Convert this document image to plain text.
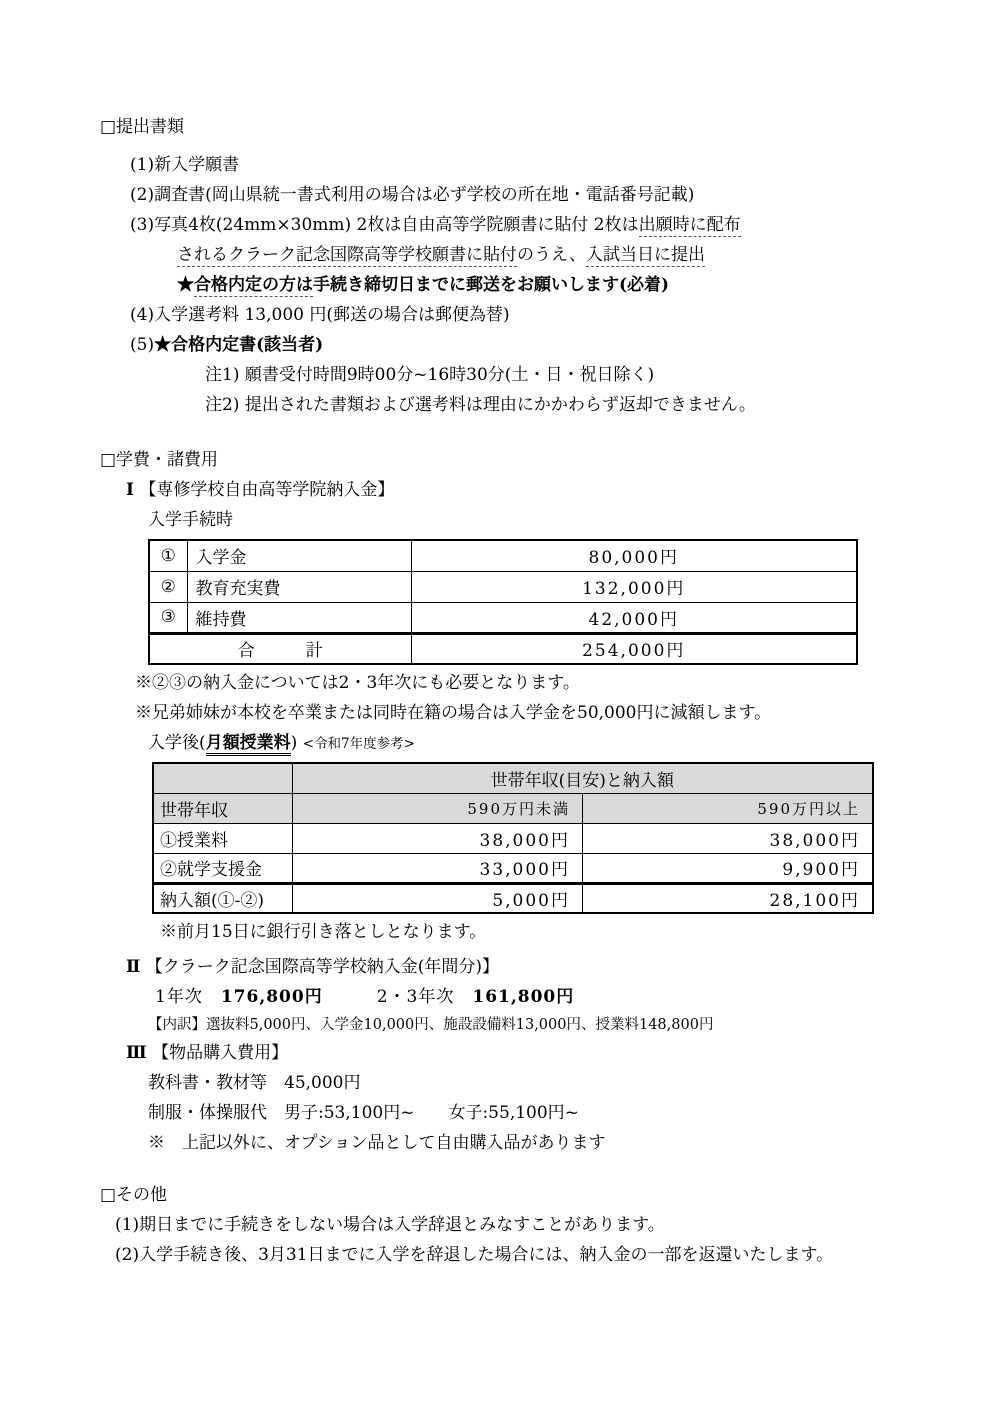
□提出書類
(1)新入学願書
(2)調査書(岡山県統一書式利用の場合は必ず学校の所在地・電話番号記載)
(3)写真4枚(24mm×30mm) 2枚は自由高等学院願書に貼付 2枚は出願時に配布
されるクラーク記念国際高等学校願書に貼付のうえ、入試当日に提出
★合格内定の方は手続き締切日までに郵送をお願いします(必着)
(4)入学選考料 13,000 円(郵送の場合は郵便為替)
(5)★合格内定書(該当者)
注1) 願書受付時間9時00分~16時30分(土・日・祝日除く)
注2) 提出された書類および選考料は理由にかかわらず返却できません。
□学費・諸費用
Ⅰ 【専修学校自由高等学院納入金】
入学手続時
①	入学金	80,000円
②	教育充実費	132,000円
③	維持費	42,000円
合　　　計		254,000円
※②③の納入金については2・3年次にも必要となります。
※兄弟姉妹が本校を卒業または同時在籍の場合は入学金を50,000円に減額します。
入学後(月額授業料) <令和7年度参考>
	世帯年収(目安)と納入額	
世帯年収	590万円未満	590万円以上
①授業料	38,000円	38,000円
②就学支援金	33,000円	9,900円
納入額(①-②)	5,000円	28,100円
※前月15日に銀行引き落としとなります。
Ⅱ 【クラーク記念国際高等学校納入金(年間分)】
1年次　 176,800円　　　	2・3年次　 161,800円
【内訳】選抜料5,000円、入学金10,000円、施設設備料13,000円、授業料148,800円
Ⅲ 【物品購入費用】
教科書・教材等　45,000円
制服・体操服代　男子:53,100円~　　女子:55,100円~
※　上記以外に、オプション品として自由購入品があります
□その他
(1)期日までに手続きをしない場合は入学辞退とみなすことがあります。
(2)入学手続き後、3月31日までに入学を辞退した場合には、納入金の一部を返還いたします。
